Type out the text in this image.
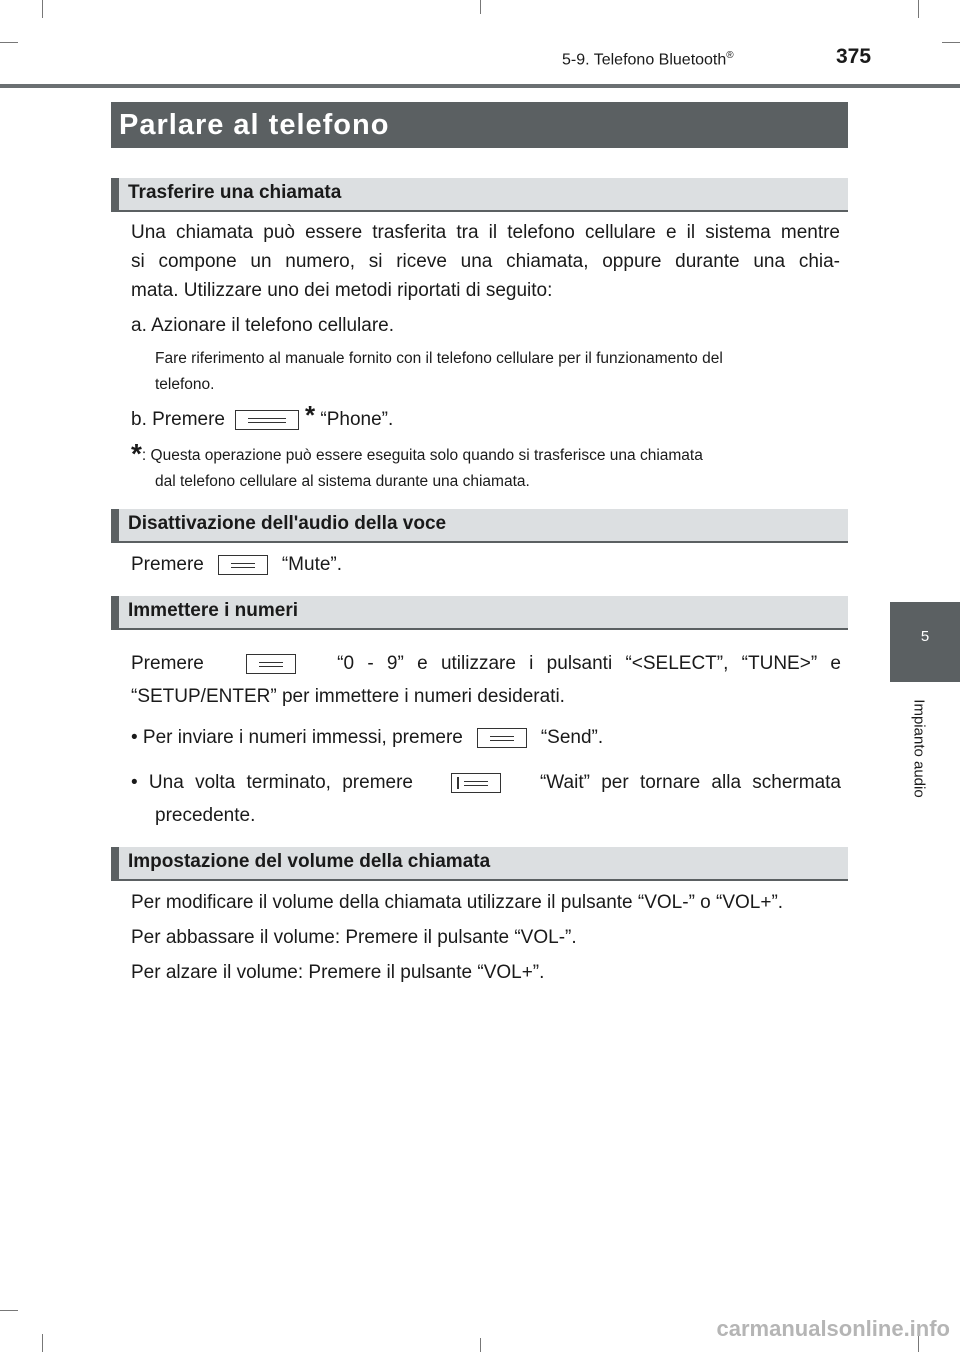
5-9. Telefono Bluetooth®	375
Parlare al telefono
Trasferire una chiamata
Una chiamata può essere trasferita tra il telefono cellulare e il sistema mentre
si compone un numero, si riceve una chiamata, oppure durante una chia-
mata. Utilizzare uno dei metodi riportati di seguito:
a. Azionare il telefono cellulare.
Fare riferimento al manuale fornito con il telefono cellulare per il funzionamento del
telefono.
b. Premere	* “Phone”.
*: Questa operazione può essere eseguita solo quando si trasferisce una chiamata
dal telefono cellulare al sistema durante una chiamata.
Disattivazione dell'audio della voce
Premere	“Mute”.
Immettere i numeri
Premere	“0 - 9” e utilizzare i pulsanti “<SELECT”, “TUNE>” e
“SETUP/ENTER” per immettere i numeri desiderati.
• Per inviare i numeri immessi, premere	“Send”.
• Una volta terminato, premere	“Wait” per tornare alla schermata
precedente.
Impostazione del volume della chiamata
Per modificare il volume della chiamata utilizzare il pulsante “VOL-” o “VOL+”.
Per abbassare il volume: Premere il pulsante “VOL-”.
Per alzare il volume: Premere il pulsante “VOL+”.
5
Impianto audio
carmanualsonline.info
